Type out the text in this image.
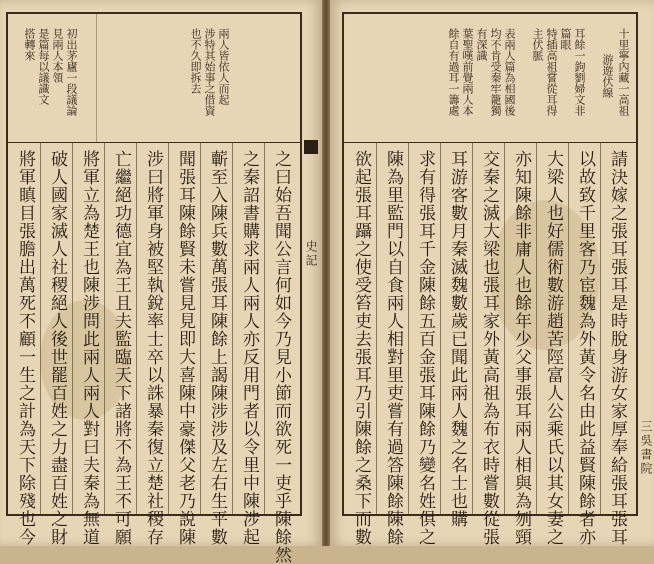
初出茅廬一段議論
見兩人本領
是篇每以議識文
搭轉來	兩人皆依人而起
涉特其始事之借資
也不久即拆去
之曰始吾聞公言何如今乃見小節而欲死一吏乎陳餘然
之秦詔書購求兩人兩人亦反用門者以令里中陳涉起
蘄至入陳兵數萬張耳陳餘上謁陳涉涉及左右生平數
聞張耳陳餘賢未嘗見見即大喜陳中豪傑父老乃說陳
涉曰將軍身被堅執銳率士卒以誅暴秦復立楚社稷存
亡繼絕功德宜為王且夫監臨天下諸將不為王不可願
將軍立為楚王也陳涉問此兩人兩人對曰夫秦為無道
破人國家滅人社稷絕人後世罷百姓之力盡百姓之財
將軍瞋目張膽出萬死不顧一生之計為天下除殘也今	史記
十里寧內藏一高祖
游遊伏線
耳餘一鉤劉婦文非
篇眼
特插高祖嘗從耳得
主伏脈
表兩人篇為相國後
均不肯受秦牢籠獨
有深識
葉聖嘆前覺兩人本
餘自有過耳一籌處
請決嫁之張耳張耳是時脫身游女家厚奉給張耳張耳
以故致千里客乃宦魏為外黃令名由此益賢陳餘者亦
大梁人也好儒術數游趙苦陘富人公乘氏以其女妻之
亦知陳餘非庸人也餘年少父事張耳兩人相與為刎頸
交秦之滅大梁也張耳家外黃高祖為布衣時嘗數從張
耳游客數月秦滅魏數歲已聞此兩人魏之名士也購
求有得張耳千金陳餘五百金張耳陳餘乃變名姓俱之
陳為里監門以自食兩人相對里吏嘗有過答陳餘陳餘
欲起張耳躡之使受笞吏去張耳乃引陳餘之桑下而數	三吳書院
